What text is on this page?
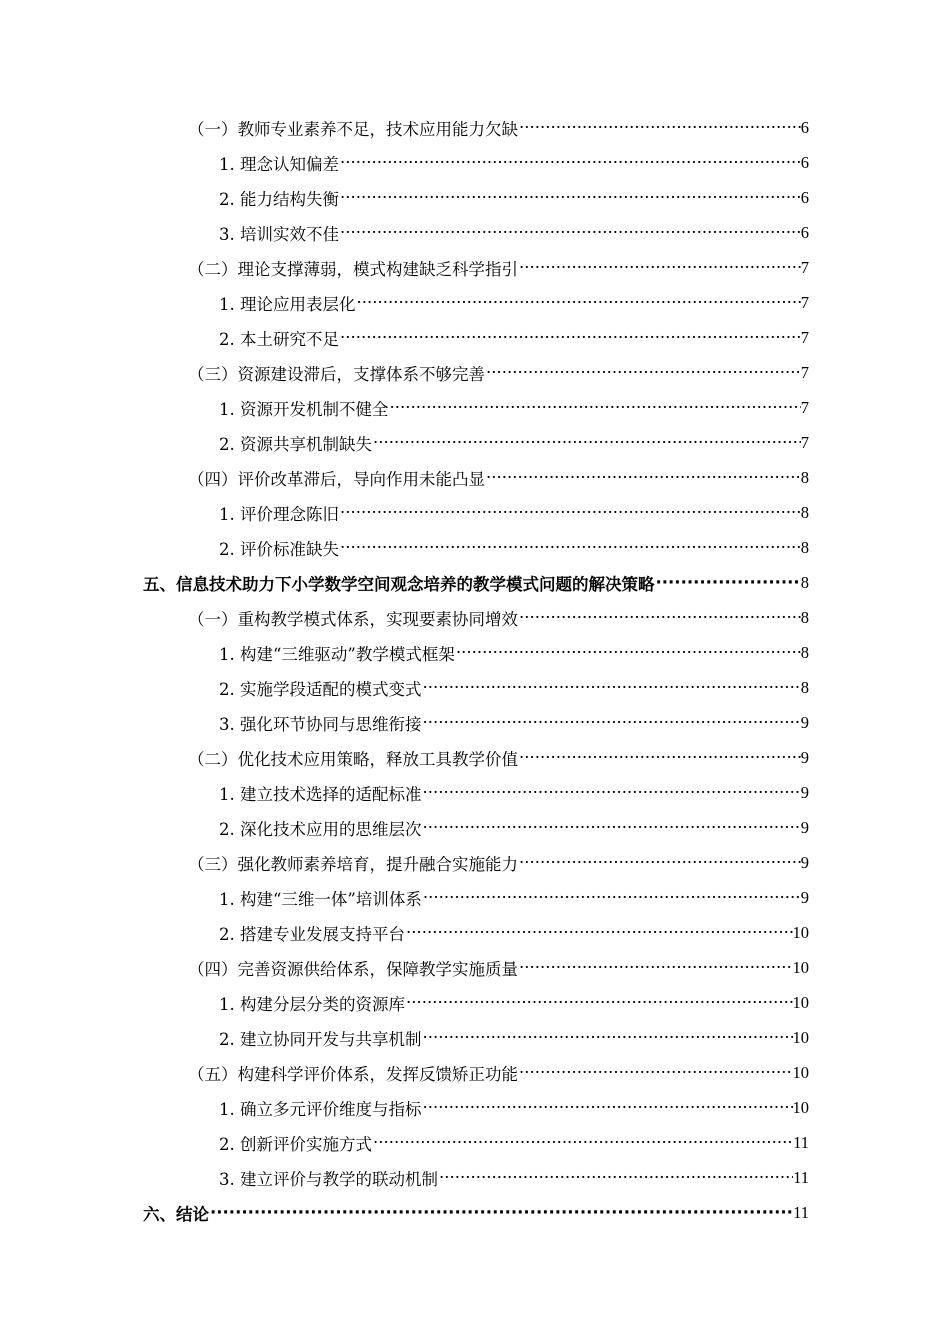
（一）教师专业素养不足，技术应用能力欠缺 ·····	6
1. 理念认知偏差 ·····	6
2. 能力结构失衡 ·····	6
3. 培训实效不佳 ·····	6
（二）理论支撑薄弱，模式构建缺乏科学指引 ·····	7
1. 理论应用表层化 ·····	7
2. 本土研究不足 ·····	7
（三）资源建设滞后，支撑体系不够完善 ·····	7
1. 资源开发机制不健全 ·····	7
2. 资源共享机制缺失 ·····	7
（四）评价改革滞后，导向作用未能凸显 ·····	8
1. 评价理念陈旧 ·····	8
2. 评价标准缺失 ·····	8
五、信息技术助力下小学数学空间观念培养的教学模式问题的解决策略 ·····	8
（一）重构教学模式体系，实现要素协同增效 ·····	8
1. 构建“三维驱动”教学模式框架 ·····	8
2. 实施学段适配的模式变式 ·····	8
3. 强化环节协同与思维衔接 ·····	9
（二）优化技术应用策略，释放工具教学价值 ·····	9
1. 建立技术选择的适配标准 ·····	9
2. 深化技术应用的思维层次 ·····	9
（三）强化教师素养培育，提升融合实施能力 ·····	9
1. 构建“三维一体”培训体系 ·····	9
2. 搭建专业发展支持平台 ·····	10
（四）完善资源供给体系，保障教学实施质量 ·····	10
1. 构建分层分类的资源库 ·····	10
2. 建立协同开发与共享机制 ·····	10
（五）构建科学评价体系，发挥反馈矫正功能 ·····	10
1. 确立多元评价维度与指标 ·····	10
2. 创新评价实施方式 ·····	11
3. 建立评价与教学的联动机制 ·····	11
六、结论 ·····	11
